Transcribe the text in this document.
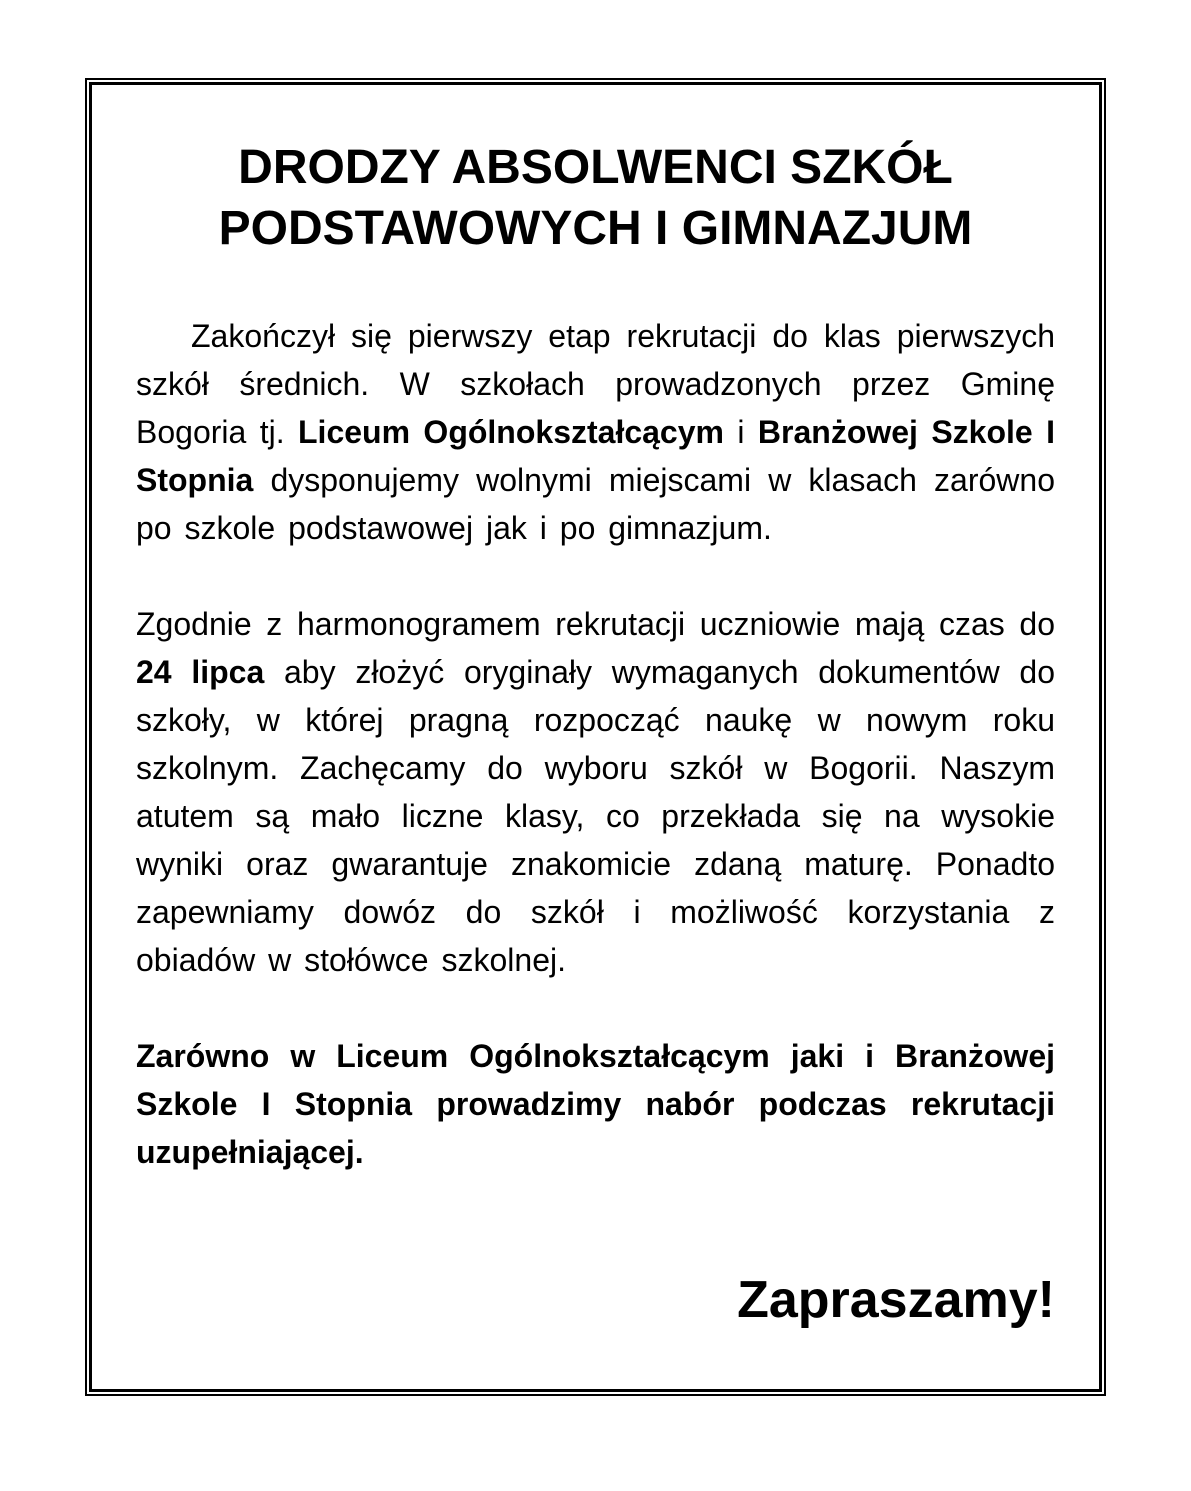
DRODZY ABSOLWENCI SZKÓŁ
PODSTAWOWYCH I GIMNAZJUM

Zakończył się pierwszy etap rekrutacji do klas pierwszych szkół średnich. W szkołach prowadzonych przez Gminę Bogoria tj. Liceum Ogólnokształcącym i Branżowej Szkole I Stopnia dysponujemy wolnymi miejscami w klasach zarówno po szkole podstawowej jak i po gimnazjum.

Zgodnie z harmonogramem rekrutacji uczniowie mają czas do 24 lipca aby złożyć oryginały wymaganych dokumentów do szkoły, w której pragną rozpocząć naukę w nowym roku szkolnym. Zachęcamy do wyboru szkół w Bogorii. Naszym atutem są mało liczne klasy, co przekłada się na wysokie wyniki oraz gwarantuje znakomicie zdaną maturę. Ponadto zapewniamy dowóz do szkół i możliwość korzystania z obiadów w stołówce szkolnej.

Zarówno w Liceum Ogólnokształcącym jaki i Branżowej Szkole I Stopnia prowadzimy nabór podczas rekrutacji uzupełniającej.

Zapraszamy!
